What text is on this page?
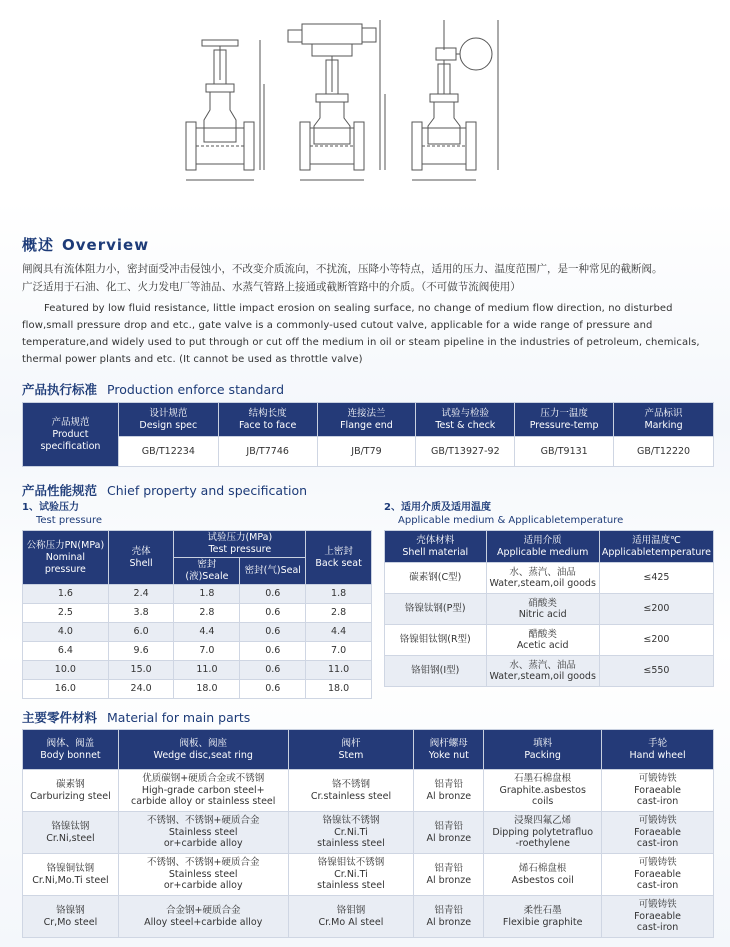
概述 Overview
闸阀具有流体阻力小，密封面受冲击侵蚀小，不改变介质流向，不扰流，压降小等特点，适用的压力、温度范围广，是一种常见的截断阀。
广泛适用于石油、化工、火力发电厂等油品、水蒸气管路上接通或截断管路中的介质。（不可做节流阀使用）
Featured by low fluid resistance, little impact erosion on sealing surface, no change of medium flow direction, no disturbed
flow,small pressure drop and etc., gate valve is a commonly-used cutout valve, applicable for a wide range of pressure and
temperature,and widely used to put through or cut off the medium in oil or steam pipeline in the industries of petroleum, chemicals,
thermal power plants and etc. (It cannot be used as throttle valve)
产品执行标准 Production enforce standard
产品规范
Product
specification	设计规范
Design spec	结构长度
Face to face	连接法兰
Flange end	试验与检验
Test & check	压力一温度
Pressure-temp	产品标识
Marking
	GB/T12234	JB/T7746	JB/T79	GB/T13927-92	GB/T9131	GB/T12220
产品性能规范 Chief property and specification
1、试验压力
Test pressure
2、适用介质及适用温度
Applicable medium & Applicabletemperature
公称压力PN(MPa)
Nominal pressure	壳体
Shell	试验压力(MPa)
Test pressure		上密封
Back seat
		密封(液)Seale	密封(气)Seal	
1.6	2.4	1.8	0.6	1.8
2.5	3.8	2.8	0.6	2.8
4.0	6.0	4.4	0.6	4.4
6.4	9.6	7.0	0.6	7.0
10.0	15.0	11.0	0.6	11.0
16.0	24.0	18.0	0.6	18.0
壳体材料
Shell material	适用介质
Applicable medium	适用温度℃
Applicabletemperature
碳素钢(C型)	水、蒸汽、油品
Water,steam,oil goods	≤425
铬镍钛钢(P型)	硝酸类
Nitric acid	≤200
铬镍钼钛钢(R型)	醋酸类
Acetic acid	≤200
铬钼钢(I型)	水、蒸汽、油品
Water,steam,oil goods	≤550
主要零件材料 Material for main parts
阀体、阀盖
Body bonnet	阀板、阀座
Wedge disc,seat ring	阀杆
Stem	阀杆螺母
Yoke nut	填料
Packing	手轮
Hand wheel
碳素钢
Carburizing steel	优质碳钢+硬质合金或不锈钢
High-grade carbon steel+
carbide alloy or stainless steel	铬不锈钢
Cr.stainless steel	铝青铅
Al bronze	石墨石棉盘根
Graphite.asbestos
coils	可锻铸铁
Foraeable
cast-iron
铬镍钛钢
Cr.Ni,steel	不锈钢、不锈钢+硬质合金
Stainless steel
or+carbide alloy	铬镍钛不锈钢
Cr.Ni.Ti
stainless steel	铝青铅
Al bronze	浸聚四氟乙烯
Dipping polytetrafluo
-roethylene	可锻铸铁
Foraeable
cast-iron
铬镍铜钛钢
Cr.Ni,Mo.Ti steel	不锈钢、不锈钢+硬质合金
Stainless steel
or+carbide alloy	铬镍钼钛不锈钢
Cr.Ni.Ti
stainless steel	铝青铅
Al bronze	烯石棉盘根
Asbestos coil	可锻铸铁
Foraeable
cast-iron
铬镍钢
Cr,Mo steel	合金钢+硬质合金
Alloy steel+carbide alloy	铬钼钢
Cr.Mo Al steel	铝青铅
Al bronze	柔性石墨
Flexibie graphite	可锻铸铁
Foraeable
cast-iron
